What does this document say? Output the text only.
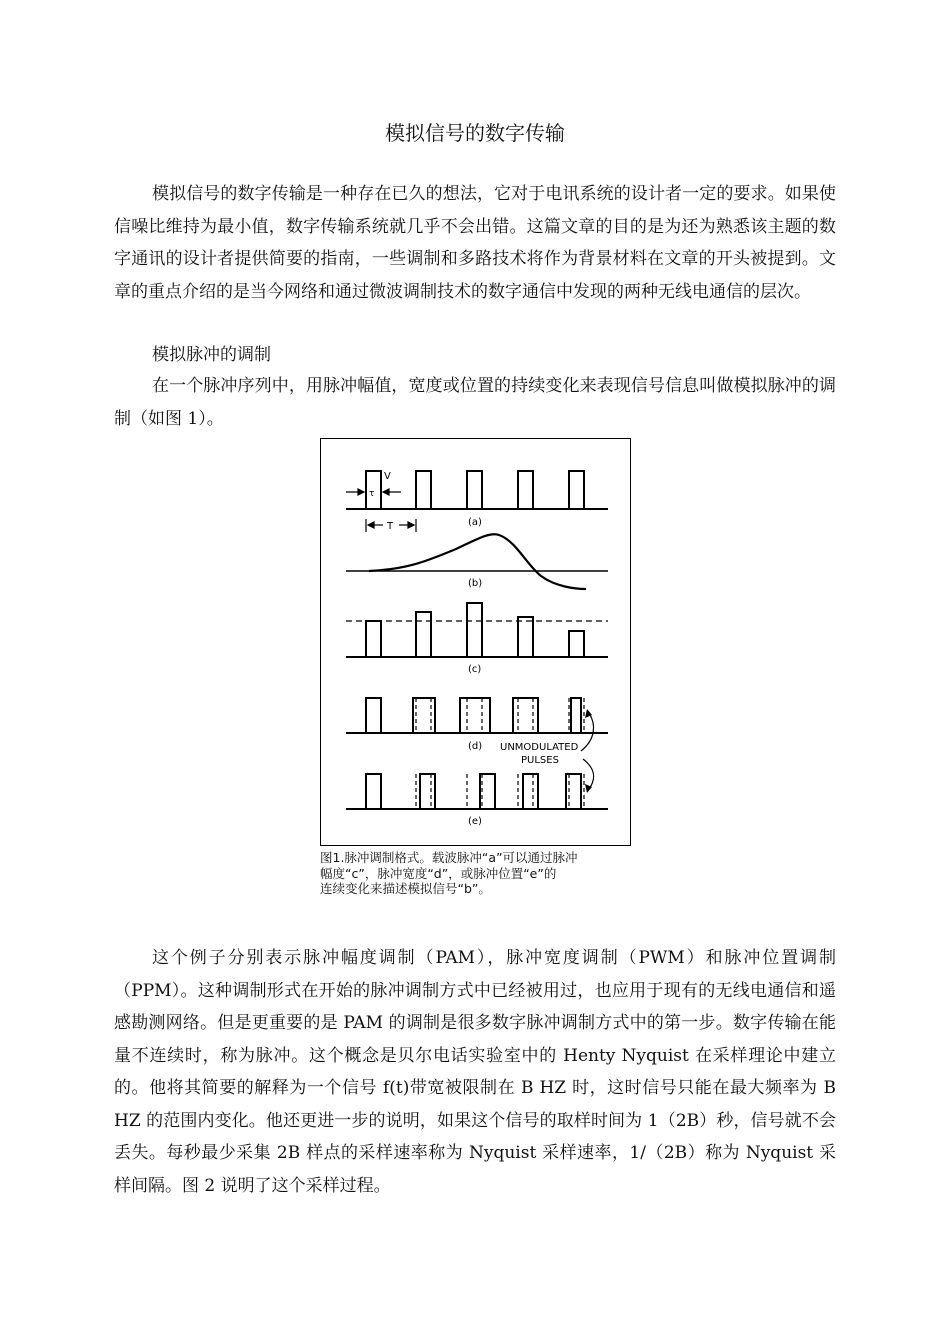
模拟信号的数字传输

模拟信号的数字传输是一种存在已久的想法，它对于电讯系统的设计者一定的要求。如果使信噪比维持为最小值，数字传输系统就几乎不会出错。这篇文章的目的是为还为熟悉该主题的数字通讯的设计者提供简要的指南，一些调制和多路技术将作为背景材料在文章的开头被提到。文章的重点介绍的是当今网络和通过微波调制技术的数字通信中发现的两种无线电通信的层次。

模拟脉冲的调制

在一个脉冲序列中，用脉冲幅值，宽度或位置的持续变化来表现信号信息叫做模拟脉冲的调制（如图 1）。

V
τ
T	(a)
(b)
(c)
(d) UNMODULATED
PULSES
(e)
图1.脉冲调制格式。载波脉冲“a”可以通过脉冲
幅度“c”，脉冲宽度“d”，或脉冲位置“e”的
连续变化来描述模拟信号“b”。

这个例子分别表示脉冲幅度调制（PAM），脉冲宽度调制（PWM）和脉冲位置调制（PPM）。这种调制形式在开始的脉冲调制方式中已经被用过，也应用于现有的无线电通信和遥感勘测网络。但是更重要的是 PAM 的调制是很多数字脉冲调制方式中的第一步。数字传输在能量不连续时，称为脉冲。这个概念是贝尔电话实验室中的 Henty Nyquist 在采样理论中建立的。他将其简要的解释为一个信号 f(t)带宽被限制在 B HZ 时，这时信号只能在最大频率为 B HZ 的范围内变化。他还更进一步的说明，如果这个信号的取样时间为 1（2B）秒，信号就不会丢失。每秒最少采集 2B 样点的采样速率称为 Nyquist 采样速率，1/（2B）称为 Nyquist 采样间隔。图 2 说明了这个采样过程。
